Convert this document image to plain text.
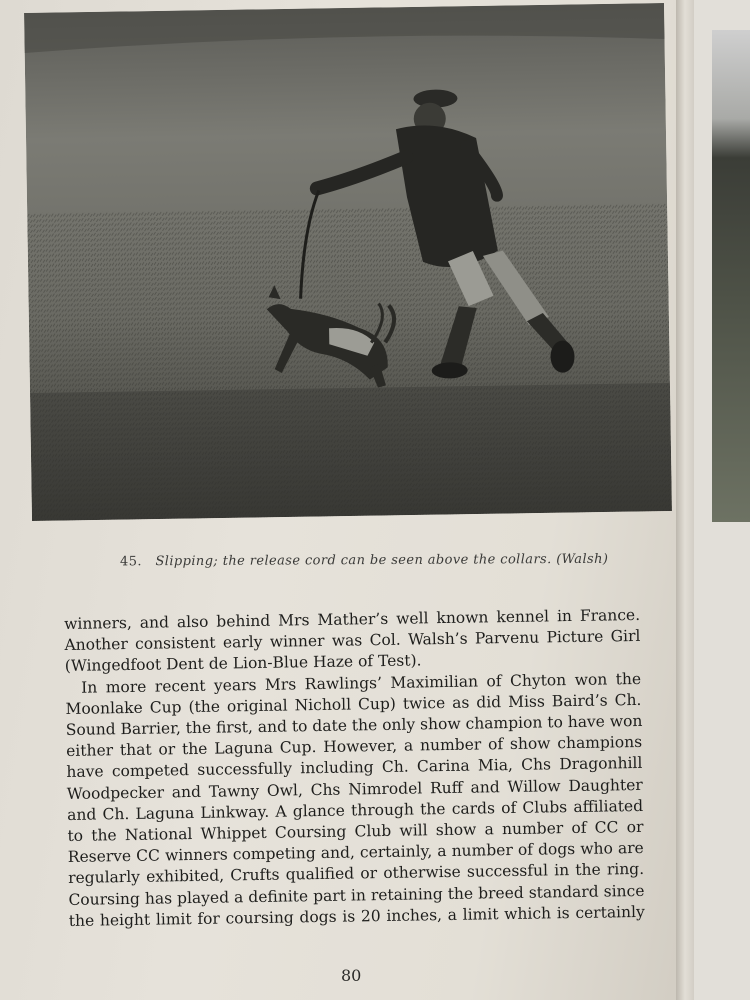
45. Slipping; the release cord can be seen above the collars. (Walsh)
winners, and also behind Mrs Mather’s well known kennel in France.
Another consistent early winner was Col. Walsh’s Parvenu Picture Girl
(Wingedfoot Dent de Lion-Blue Haze of Test).
In more recent years Mrs Rawlings’ Maximilian of Chyton won the
Moonlake Cup (the original Nicholl Cup) twice as did Miss Baird’s Ch.
Sound Barrier, the first, and to date the only show champion to have won
either that or the Laguna Cup. However, a number of show champions
have competed successfully including Ch. Carina Mia, Chs Dragonhill
Woodpecker and Tawny Owl, Chs Nimrodel Ruff and Willow Daughter
and Ch. Laguna Linkway. A glance through the cards of Clubs affiliated
to the National Whippet Coursing Club will show a number of CC or
Reserve CC winners competing and, certainly, a number of dogs who are
regularly exhibited, Crufts qualified or otherwise successful in the ring.
Coursing has played a definite part in retaining the breed standard since
the height limit for coursing dogs is 20 inches, a limit which is certainly
80
